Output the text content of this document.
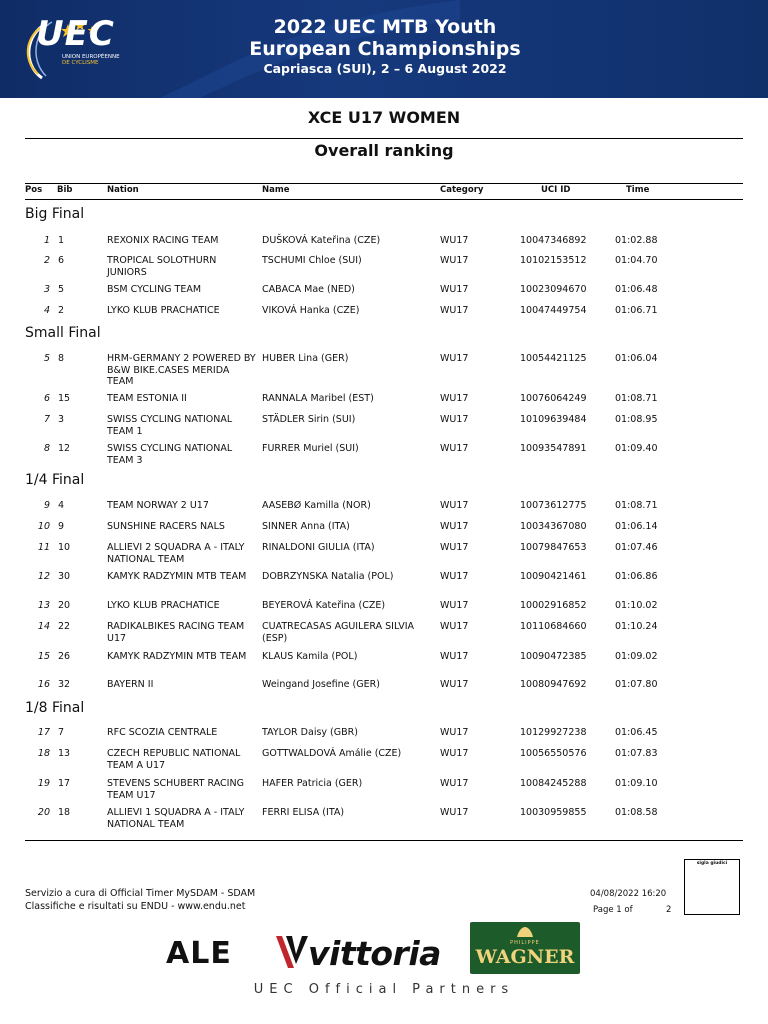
UEC
UNION EUROPÉENNE
DE CYCLISME
2022 UEC MTB Youth
European Championships
Capriasca (SUI), 2 – 6 August 2022
XCE U17 WOMEN
Overall ranking
Pos Bib	Nation	Name	Category	UCI ID	Time
Big Final
1 1	REXONIX RACING TEAM	DUŠKOVÁ Kateřina (CZE)	WU17	10047346892	01:02.88
2 6	TROPICAL SOLOTHURN JUNIORS
TSCHUMI Chloe (SUI)	WU17	10102153512	01:04.70
3 5	BSM CYCLING TEAM	CABACA Mae (NED)	WU17	10023094670	01:06.48
4 2	LYKO KLUB PRACHATICE	VIKOVÁ Hanka (CZE)	WU17	10047449754	01:06.71
Small Final
5 8	HRM-GERMANY 2 POWERED BY B&W BIKE.CASES MERIDA TEAM
HUBER Lina (GER)	WU17	10054421125	01:06.04
6 15	TEAM ESTONIA II	RANNALA Maribel (EST)	WU17	10076064249	01:08.71
7 3	SWISS CYCLING NATIONAL TEAM 1
STÄDLER Sirin (SUI)	WU17	10109639484	01:08.95
8 12	SWISS CYCLING NATIONAL TEAM 3
FURRER Muriel (SUI)	WU17	10093547891	01:09.40
1/4 Final
9 4	TEAM NORWAY 2 U17	AASEBØ Kamilla (NOR)	WU17	10073612775	01:08.71
10 9	SUNSHINE RACERS NALS	SINNER Anna (ITA)	WU17	10034367080	01:06.14
11 10	ALLIEVI 2 SQUADRA A - ITALY NATIONAL TEAM
RINALDONI GIULIA (ITA)	WU17	10079847653	01:07.46
12 30	KAMYK RADZYMIN MTB TEAM	DOBRZYNSKA Natalia (POL)	WU17	10090421461	01:06.86
13 20	LYKO KLUB PRACHATICE	BEYEROVÁ Kateřina (CZE)	WU17	10002916852	01:10.02
14 22	RADIKALBIKES RACING TEAM U17
CUATRECASAS AGUILERA SILVIA (ESP)
WU17	10110684660	01:10.24
15 26	KAMYK RADZYMIN MTB TEAM	KLAUS Kamila (POL)	WU17	10090472385	01:09.02
16 32	BAYERN II	Weingand Josefine (GER)	WU17	10080947692	01:07.80
1/8 Final
17 7	RFC SCOZIA CENTRALE	TAYLOR Daisy (GBR)	WU17	10129927238	01:06.45
18 13	CZECH REPUBLIC NATIONAL TEAM A U17
GOTTWALDOVÁ Amálie (CZE)	WU17	10056550576	01:07.83
19 17	STEVENS SCHUBERT RACING TEAM U17
HAFER Patricia (GER)	WU17	10084245288	01:09.10
20 18	ALLIEVI 1 SQUADRA A - ITALY NATIONAL TEAM
FERRI ELISA (ITA)	WU17	10030959855	01:08.58
Servizio a cura di Official Timer MySDAM - SDAM
Classifiche e risultati su ENDU - www.endu.net
04/08/2022 16:20
Page 1 of	2
sigla giudici
ALE vittoria	PHILIPPE
WAGNER
UEC Official Partners
